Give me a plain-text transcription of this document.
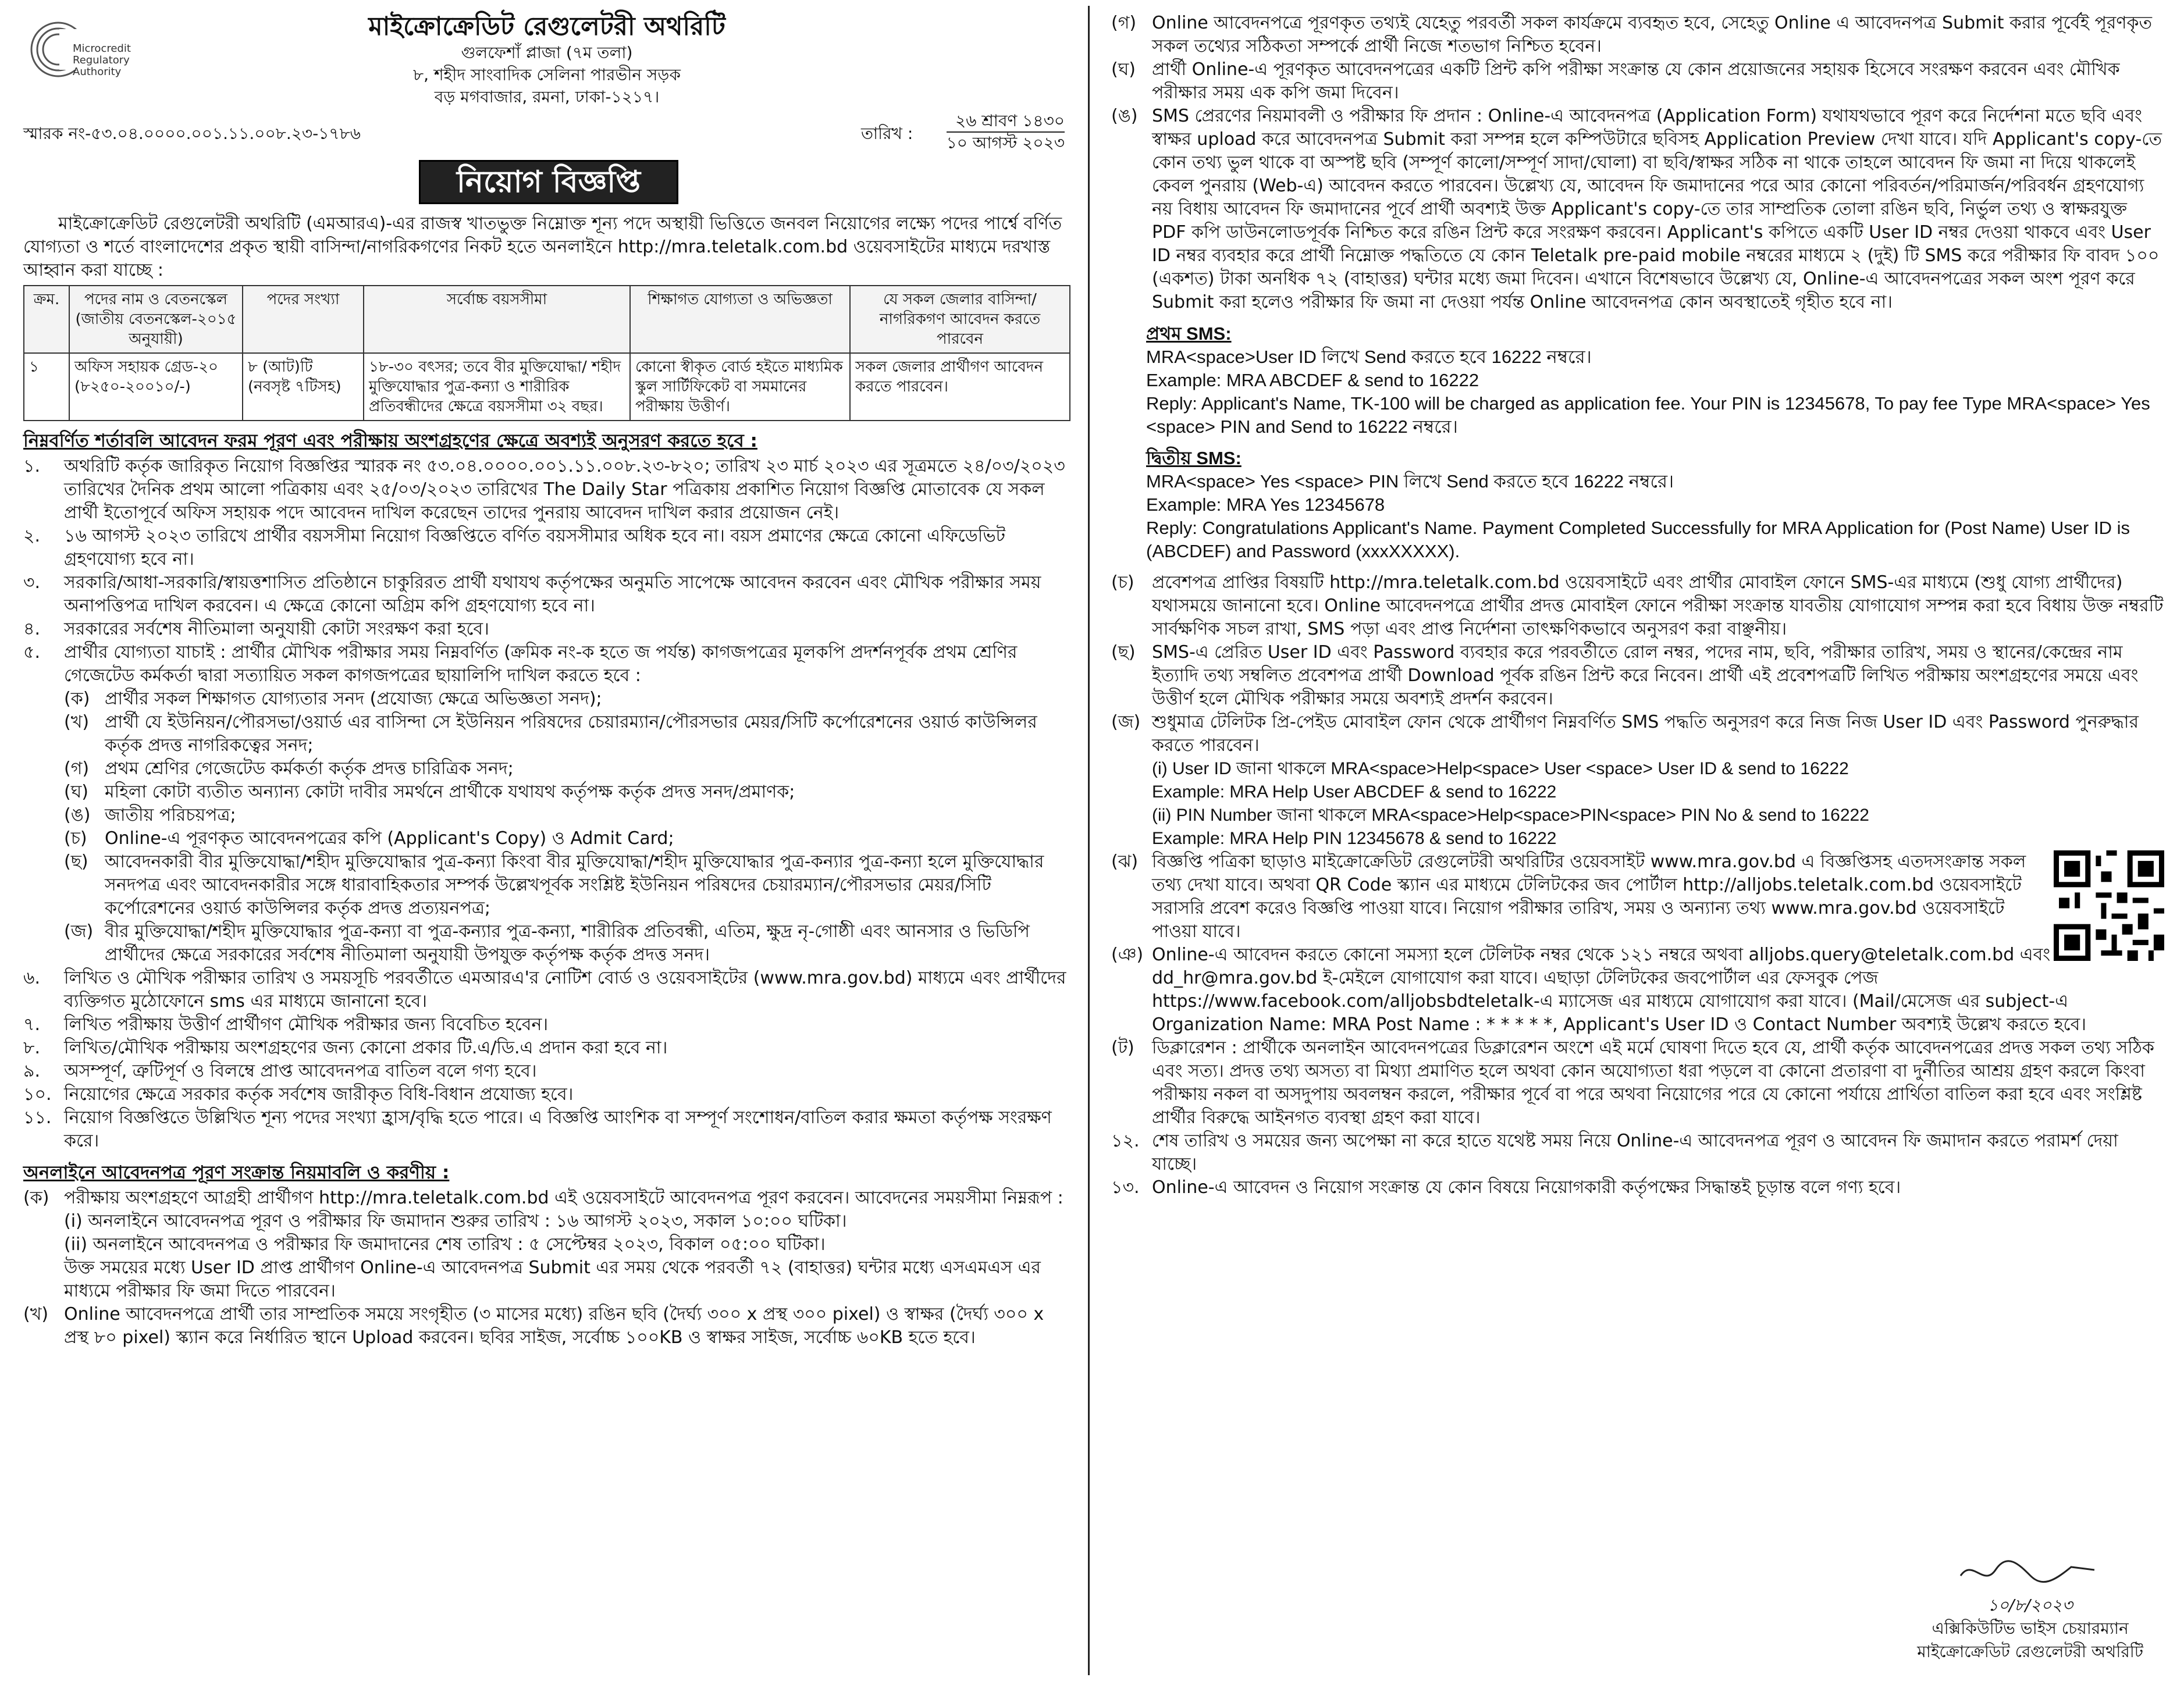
Microcredit
Regulatory
Authority
মাইক্রোক্রেডিট রেগুলেটরী অথরিটি
গুলফেশাঁ প্লাজা (৭ম তলা)
৮, শহীদ সাংবাদিক সেলিনা পারভীন সড়ক
বড় মগবাজার, রমনা, ঢাকা-১২১৭।
স্মারক নং-৫৩.০৪.০০০০.০০১.১১.০০৮.২৩-১৭৮৬	তারিখ :
২৬ শ্রাবণ ১৪৩০
১০ আগস্ট ২০২৩
নিয়োগ বিজ্ঞপ্তি
মাইক্রোক্রেডিট রেগুলেটরী অথরিটি (এমআরএ)-এর রাজস্ব খাতভুক্ত নিম্নোক্ত শূন্য পদে অস্থায়ী ভিত্তিতে জনবল নিয়োগের লক্ষ্যে পদের পার্শ্বে বর্ণিত যোগ্যতা ও শর্তে বাংলাদেশের প্রকৃত স্থায়ী বাসিন্দা/নাগরিকগণের নিকট হতে অনলাইনে http://mra.teletalk.com.bd ওয়েবসাইটের মাধ্যমে দরখাস্ত আহ্বান করা যাচ্ছে :
ক্রম.	পদের নাম ও বেতনস্কেল (জাতীয় বেতনস্কেল-২০১৫ অনুযায়ী)	পদের সংখ্যা	সর্বোচ্চ বয়সসীমা	শিক্ষাগত যোগ্যতা ও অভিজ্ঞতা	যে সকল জেলার বাসিন্দা/নাগরিকগণ আবেদন করতে পারবেন
১	অফিস সহায়ক গ্রেড-২০ (৮২৫০-২০০১০/-)	৮ (আট)টি (নবসৃষ্ট ৭টিসহ)	১৮-৩০ বৎসর; তবে বীর মুক্তিযোদ্ধা/ শহীদ মুক্তিযোদ্ধার পুত্র-কন্যা ও শারীরিক প্রতিবন্ধীদের ক্ষেত্রে বয়সসীমা ৩২ বছর।	কোনো স্বীকৃত বোর্ড হইতে মাধ্যমিক স্কুল সার্টিফিকেট বা সমমানের পরীক্ষায় উত্তীর্ণ।	সকল জেলার প্রার্থীগণ আবেদন করতে পারবেন।
নিম্নবর্ণিত শর্তাবলি আবেদন ফরম পূরণ এবং পরীক্ষায় অংশগ্রহণের ক্ষেত্রে অবশ্যই অনুসরণ করতে হবে :
১.	অথরিটি কর্তৃক জারিকৃত নিয়োগ বিজ্ঞপ্তির স্মারক নং ৫৩.০৪.০০০০.০০১.১১.০০৮.২৩-৮২০; তারিখ ২৩ মার্চ ২০২৩ এর সূত্রমতে ২৪/০৩/২০২৩ তারিখের দৈনিক প্রথম আলো পত্রিকায় এবং ২৫/০৩/২০২৩ তারিখের The Daily Star পত্রিকায় প্রকাশিত নিয়োগ বিজ্ঞপ্তি মোতাবেক যে সকল প্রার্থী ইতোপূর্বে অফিস সহায়ক পদে আবেদন দাখিল করেছেন তাদের পুনরায় আবেদন দাখিল করার প্রয়োজন নেই।
২.	১৬ আগস্ট ২০২৩ তারিখে প্রার্থীর বয়সসীমা নিয়োগ বিজ্ঞপ্তিতে বর্ণিত বয়সসীমার অধিক হবে না। বয়স প্রমাণের ক্ষেত্রে কোনো এফিডেভিট গ্রহণযোগ্য হবে না।
৩.	সরকারি/আধা-সরকারি/স্বায়ত্তশাসিত প্রতিষ্ঠানে চাকুরিরত প্রার্থী যথাযথ কর্তৃপক্ষের অনুমতি সাপেক্ষে আবেদন করবেন এবং মৌখিক পরীক্ষার সময় অনাপত্তিপত্র দাখিল করবেন। এ ক্ষেত্রে কোনো অগ্রিম কপি গ্রহণযোগ্য হবে না।
৪.	সরকারের সর্বশেষ নীতিমালা অনুযায়ী কোটা সংরক্ষণ করা হবে।
৫.	প্রার্থীর যোগ্যতা যাচাই : প্রার্থীর মৌখিক পরীক্ষার সময় নিম্নবর্ণিত (ক্রমিক নং-ক হতে জ পর্যন্ত) কাগজপত্রের মূলকপি প্রদর্শনপূর্বক প্রথম শ্রেণির গেজেটেড কর্মকর্তা দ্বারা সত্যায়িত সকল কাগজপত্রের ছায়ালিপি দাখিল করতে হবে :
(ক) প্রার্থীর সকল শিক্ষাগত যোগ্যতার সনদ (প্রযোজ্য ক্ষেত্রে অভিজ্ঞতা সনদ);
(খ) প্রার্থী যে ইউনিয়ন/পৌরসভা/ওয়ার্ড এর বাসিন্দা সে ইউনিয়ন পরিষদের চেয়ারম্যান/পৌরসভার মেয়র/সিটি কর্পোরেশনের ওয়ার্ড কাউন্সিলর কর্তৃক প্রদত্ত নাগরিকত্বের সনদ;
(গ) প্রথম শ্রেণির গেজেটেড কর্মকর্তা কর্তৃক প্রদত্ত চারিত্রিক সনদ;
(ঘ) মহিলা কোটা ব্যতীত অন্যান্য কোটা দাবীর সমর্থনে প্রার্থীকে যথাযথ কর্তৃপক্ষ কর্তৃক প্রদত্ত সনদ/প্রমাণক;
(ঙ) জাতীয় পরিচয়পত্র;
(চ)	Online-এ পূরণকৃত আবেদনপত্রের কপি (Applicant's Copy) ও Admit Card;
(ছ) আবেদনকারী বীর মুক্তিযোদ্ধা/শহীদ মুক্তিযোদ্ধার পুত্র-কন্যা কিংবা বীর মুক্তিযোদ্ধা/শহীদ মুক্তিযোদ্ধার পুত্র-কন্যার পুত্র-কন্যা হলে মুক্তিযোদ্ধার সনদপত্র এবং আবেদনকারীর সঙ্গে ধারাবাহিকতার সম্পর্ক উল্লেখপূর্বক সংশ্লিষ্ট ইউনিয়ন পরিষদের চেয়ারম্যান/পৌরসভার মেয়র/সিটি কর্পোরেশনের ওয়ার্ড কাউন্সিলর কর্তৃক প্রদত্ত প্রত্যয়নপত্র;
(জ) বীর মুক্তিযোদ্ধা/শহীদ মুক্তিযোদ্ধার পুত্র-কন্যা বা পুত্র-কন্যার পুত্র-কন্যা, শারীরিক প্রতিবন্ধী, এতিম, ক্ষুদ্র নৃ-গোষ্ঠী এবং আনসার ও ভিডিপি প্রার্থীদের ক্ষেত্রে সরকারের সর্বশেষ নীতিমালা অনুযায়ী উপযুক্ত কর্তৃপক্ষ কর্তৃক প্রদত্ত সনদ।
৬.	লিখিত ও মৌখিক পরীক্ষার তারিখ ও সময়সূচি পরবর্তীতে এমআরএ'র নোটিশ বোর্ড ও ওয়েবসাইটের (www.mra.gov.bd) মাধ্যমে এবং প্রার্থীদের ব্যক্তিগত মুঠোফোনে sms এর মাধ্যমে জানানো হবে।
৭.	লিখিত পরীক্ষায় উত্তীর্ণ প্রার্থীগণ মৌখিক পরীক্ষার জন্য বিবেচিত হবেন।
৮.	লিখিত/মৌখিক পরীক্ষায় অংশগ্রহণের জন্য কোনো প্রকার টি.এ/ডি.এ প্রদান করা হবে না।
৯.	অসম্পূর্ণ, ত্রুটিপূর্ণ ও বিলম্বে প্রাপ্ত আবেদনপত্র বাতিল বলে গণ্য হবে।
১০. নিয়োগের ক্ষেত্রে সরকার কর্তৃক সর্বশেষ জারীকৃত বিধি-বিধান প্রযোজ্য হবে।
১১. নিয়োগ বিজ্ঞপ্তিতে উল্লিখিত শূন্য পদের সংখ্যা হ্রাস/বৃদ্ধি হতে পারে। এ বিজ্ঞপ্তি আংশিক বা সম্পূর্ণ সংশোধন/বাতিল করার ক্ষমতা কর্তৃপক্ষ সংরক্ষণ করে।
অনলাইনে আবেদনপত্র পূরণ সংক্রান্ত নিয়মাবলি ও করণীয় :
(ক) পরীক্ষায় অংশগ্রহণে আগ্রহী প্রার্থীগণ http://mra.teletalk.com.bd এই ওয়েবসাইটে আবেদনপত্র পূরণ করবেন। আবেদনের সময়সীমা নিম্নরূপ :
(i) অনলাইনে আবেদনপত্র পূরণ ও পরীক্ষার ফি জমাদান শুরুর তারিখ : ১৬ আগস্ট ২০২৩, সকাল ১০:০০ ঘটিকা।
(ii) অনলাইনে আবেদনপত্র ও পরীক্ষার ফি জমাদানের শেষ তারিখ : ৫ সেপ্টেম্বর ২০২৩, বিকাল ০৫:০০ ঘটিকা।
উক্ত সময়ের মধ্যে User ID প্রাপ্ত প্রার্থীগণ Online-এ আবেদনপত্র Submit এর সময় থেকে পরবর্তী ৭২ (বাহাত্তর) ঘন্টার মধ্যে এসএমএস এর মাধ্যমে পরীক্ষার ফি জমা দিতে পারবেন।
(খ) Online আবেদনপত্রে প্রার্থী তার সাম্প্রতিক সময়ে সংগৃহীত (৩ মাসের মধ্যে) রঙিন ছবি (দৈর্ঘ্য ৩০০ x প্রস্থ ৩০০ pixel) ও স্বাক্ষর (দৈর্ঘ্য ৩০০ x প্রস্থ ৮০ pixel) স্ক্যান করে নির্ধারিত স্থানে Upload করবেন। ছবির সাইজ, সর্বোচ্চ ১০০KB ও স্বাক্ষর সাইজ, সর্বোচ্চ ৬০KB হতে হবে।
(গ) Online আবেদনপত্রে পূরণকৃত তথ্যই যেহেতু পরবর্তী সকল কার্যক্রমে ব্যবহৃত হবে, সেহেতু Online এ আবেদনপত্র Submit করার পূর্বেই পূরণকৃত সকল তথ্যের সঠিকতা সম্পর্কে প্রার্থী নিজে শতভাগ নিশ্চিত হবেন।
(ঘ) প্রার্থী Online-এ পূরণকৃত আবেদনপত্রের একটি প্রিন্ট কপি পরীক্ষা সংক্রান্ত যে কোন প্রয়োজনের সহায়ক হিসেবে সংরক্ষণ করবেন এবং মৌখিক পরীক্ষার সময় এক কপি জমা দিবেন।
(ঙ) SMS প্রেরণের নিয়মাবলী ও পরীক্ষার ফি প্রদান : Online-এ আবেদনপত্র (Application Form) যথাযথভাবে পূরণ করে নির্দেশনা মতে ছবি এবং স্বাক্ষর upload করে আবেদনপত্র Submit করা সম্পন্ন হলে কম্পিউটারে ছবিসহ Application Preview দেখা যাবে। যদি Applicant's copy-তে কোন তথ্য ভুল থাকে বা অস্পষ্ট ছবি (সম্পূর্ণ কালো/সম্পূর্ণ সাদা/ঘোলা) বা ছবি/স্বাক্ষর সঠিক না থাকে তাহলে আবেদন ফি জমা না দিয়ে থাকলেই কেবল পুনরায় (Web-এ) আবেদন করতে পারবেন। উল্লেখ্য যে, আবেদন ফি জমাদানের পরে আর কোনো পরিবর্তন/পরিমার্জন/পরিবর্ধন গ্রহণযোগ্য নয় বিধায় আবেদন ফি জমাদানের পূর্বে প্রার্থী অবশ্যই উক্ত Applicant's copy-তে তার সাম্প্রতিক তোলা রঙিন ছবি, নির্ভুল তথ্য ও স্বাক্ষরযুক্ত PDF কপি ডাউনলোডপূর্বক নিশ্চিত করে রঙিন প্রিন্ট করে সংরক্ষণ করবেন। Applicant's কপিতে একটি User ID নম্বর দেওয়া থাকবে এবং User ID নম্বর ব্যবহার করে প্রার্থী নিম্নোক্ত পদ্ধতিতে যে কোন Teletalk pre-paid mobile নম্বরের মাধ্যমে ২ (দুই) টি SMS করে পরীক্ষার ফি বাবদ ১০০ (একশত) টাকা অনধিক ৭২ (বাহাত্তর) ঘন্টার মধ্যে জমা দিবেন। এখানে বিশেষভাবে উল্লেখ্য যে, Online-এ আবেদনপত্রের সকল অংশ পূরণ করে Submit করা হলেও পরীক্ষার ফি জমা না দেওয়া পর্যন্ত Online আবেদনপত্র কোন অবস্থাতেই গৃহীত হবে না।
প্রথম SMS:
MRA<space>User ID লিখে Send করতে হবে 16222 নম্বরে।
Example: MRA ABCDEF & send to 16222
Reply: Applicant's Name, TK-100 will be charged as application fee. Your PIN is 12345678, To pay fee Type MRA<space> Yes <space> PIN and Send to 16222 নম্বরে।
দ্বিতীয় SMS:
MRA<space> Yes <space> PIN লিখে Send করতে হবে 16222 নম্বরে।
Example: MRA Yes 12345678
Reply: Congratulations Applicant's Name. Payment Completed Successfully for MRA Application for (Post Name) User ID is (ABCDEF) and Password (xxxXXXXX).
(চ)	প্রবেশপত্র প্রাপ্তির বিষয়টি http://mra.teletalk.com.bd ওয়েবসাইটে এবং প্রার্থীর মোবাইল ফোনে SMS-এর মাধ্যমে (শুধু যোগ্য প্রার্থীদের) যথাসময়ে জানানো হবে। Online আবেদনপত্রে প্রার্থীর প্রদত্ত মোবাইল ফোনে পরীক্ষা সংক্রান্ত যাবতীয় যোগাযোগ সম্পন্ন করা হবে বিধায় উক্ত নম্বরটি সার্বক্ষণিক সচল রাখা, SMS পড়া এবং প্রাপ্ত নির্দেশনা তাৎক্ষণিকভাবে অনুসরণ করা বাঞ্ছনীয়।
(ছ) SMS-এ প্রেরিত User ID এবং Password ব্যবহার করে পরবর্তীতে রোল নম্বর, পদের নাম, ছবি, পরীক্ষার তারিখ, সময় ও স্থানের/কেন্দ্রের নাম ইত্যাদি তথ্য সম্বলিত প্রবেশপত্র প্রার্থী Download পূর্বক রঙিন প্রিন্ট করে নিবেন। প্রার্থী এই প্রবেশপত্রটি লিখিত পরীক্ষায় অংশগ্রহণের সময়ে এবং উত্তীর্ণ হলে মৌখিক পরীক্ষার সময়ে অবশ্যই প্রদর্শন করবেন।
(জ) শুধুমাত্র টেলিটক প্রি-পেইড মোবাইল ফোন থেকে প্রার্থীগণ নিম্নবর্ণিত SMS পদ্ধতি অনুসরণ করে নিজ নিজ User ID এবং Password পুনরুদ্ধার করতে পারবেন।
(i) User ID জানা থাকলে MRA<space>Help<space> User <space> User ID & send to 16222
Example: MRA Help User ABCDEF & send to 16222
(ii) PIN Number জানা থাকলে MRA<space>Help<space>PIN<space> PIN No & send to 16222
Example: MRA Help PIN 12345678 & send to 16222
(ঝ) বিজ্ঞপ্তি পত্রিকা ছাড়াও মাইক্রোক্রেডিট রেগুলেটরী অথরিটির ওয়েবসাইট www.mra.gov.bd এ বিজ্ঞপ্তিসহ এতদসংক্রান্ত সকল তথ্য দেখা যাবে। অথবা QR Code স্ক্যান এর মাধ্যমে টেলিটকের জব পোর্টাল http://alljobs.teletalk.com.bd ওয়েবসাইটে সরাসরি প্রবেশ করেও বিজ্ঞপ্তি পাওয়া যাবে। নিয়োগ পরীক্ষার তারিখ, সময় ও অন্যান্য তথ্য www.mra.gov.bd ওয়েবসাইটে পাওয়া যাবে।
(ঞ) Online-এ আবেদন করতে কোনো সমস্যা হলে টেলিটক নম্বর থেকে ১২১ নম্বরে অথবা alljobs.query@teletalk.com.bd এবং dd_hr@mra.gov.bd ই-মেইলে যোগাযোগ করা যাবে। এছাড়া টেলিটকের জবপোর্টাল এর ফেসবুক পেজ https://www.facebook.com/alljobsbdteletalk-এ ম্যাসেজ এর মাধ্যমে যোগাযোগ করা যাবে। (Mail/মেসেজ এর subject-এ Organization Name: MRA Post Name : * * * * *, Applicant's User ID ও Contact Number অবশ্যই উল্লেখ করতে হবে।
(ট)	ডিক্লারেশন : প্রার্থীকে অনলাইন আবেদনপত্রের ডিক্লারেশন অংশে এই মর্মে ঘোষণা দিতে হবে যে, প্রার্থী কর্তৃক আবেদনপত্রের প্রদত্ত সকল তথ্য সঠিক এবং সত্য। প্রদত্ত তথ্য অসত্য বা মিথ্যা প্রমাণিত হলে অথবা কোন অযোগ্যতা ধরা পড়লে বা কোনো প্রতারণা বা দুর্নীতির আশ্রয় গ্রহণ করলে কিংবা পরীক্ষায় নকল বা অসদুপায় অবলম্বন করলে, পরীক্ষার পূর্বে বা পরে অথবা নিয়োগের পরে যে কোনো পর্যায়ে প্রার্থিতা বাতিল করা হবে এবং সংশ্লিষ্ট প্রার্থীর বিরুদ্ধে আইনগত ব্যবস্থা গ্রহণ করা যাবে।
১২. শেষ তারিখ ও সময়ের জন্য অপেক্ষা না করে হাতে যথেষ্ট সময় নিয়ে Online-এ আবেদনপত্র পূরণ ও আবেদন ফি জমাদান করতে পরামর্শ দেয়া যাচ্ছে।
১৩. Online-এ আবেদন ও নিয়োগ সংক্রান্ত যে কোন বিষয়ে নিয়োগকারী কর্তৃপক্ষের সিদ্ধান্তই চূড়ান্ত বলে গণ্য হবে।
১০/৮/২০২৩
এক্সিকিউটিভ ভাইস চেয়ারম্যান
মাইক্রোক্রেডিট রেগুলেটরী অথরিটি
